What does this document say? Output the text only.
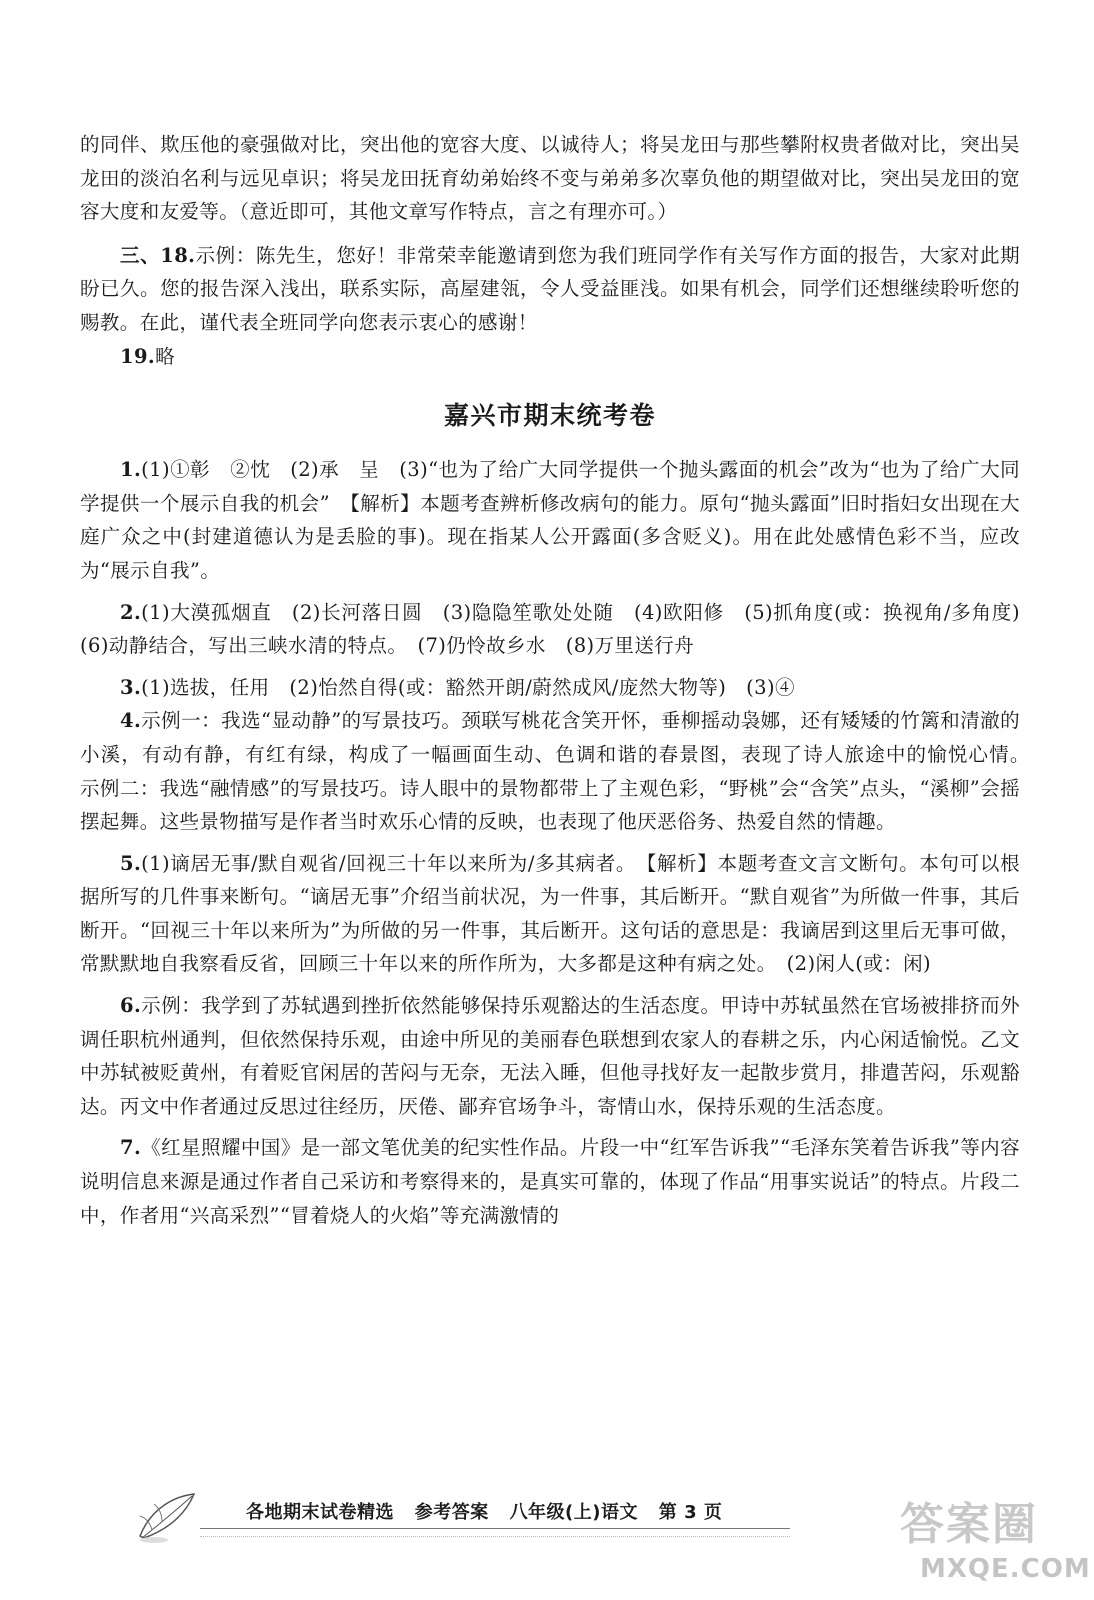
的同伴、欺压他的豪强做对比，突出他的宽容大度、以诚待人；将吴龙田与那些攀附权贵者做对比，突出吴龙田的淡泊名利与远见卓识；将吴龙田抚育幼弟始终不变与弟弟多次辜负他的期望做对比，突出吴龙田的宽容大度和友爱等。（意近即可，其他文章写作特点，言之有理亦可。）

三、18.示例：陈先生，您好！非常荣幸能邀请到您为我们班同学作有关写作方面的报告，大家对此期盼已久。您的报告深入浅出，联系实际，高屋建瓴，令人受益匪浅。如果有机会，同学们还想继续聆听您的赐教。在此，谨代表全班同学向您表示衷心的感谢！

19.略

嘉兴市期末统考卷

1.(1)①彰　②忱　(2)承　呈　(3)“也为了给广大同学提供一个抛头露面的机会”改为“也为了给广大同学提供一个展示自我的机会”　【解析】本题考查辨析修改病句的能力。原句“抛头露面”旧时指妇女出现在大庭广众之中(封建道德认为是丢脸的事)。现在指某人公开露面(多含贬义)。用在此处感情色彩不当，应改为“展示自我”。

2.(1)大漠孤烟直　(2)长河落日圆　(3)隐隐笙歌处处随　(4)欧阳修　(5)抓角度(或：换视角/多角度)　(6)动静结合，写出三峡水清的特点。　(7)仍怜故乡水　(8)万里送行舟

3.(1)选拔，任用　(2)怡然自得(或：豁然开朗/蔚然成风/庞然大物等)　(3)④

4.示例一：我选“显动静”的写景技巧。颈联写桃花含笑开怀，垂柳摇动袅娜，还有矮矮的竹篱和清澈的小溪，有动有静，有红有绿，构成了一幅画面生动、色调和谐的春景图，表现了诗人旅途中的愉悦心情。　示例二：我选“融情感”的写景技巧。诗人眼中的景物都带上了主观色彩，“野桃”会“含笑”点头，“溪柳”会摇摆起舞。这些景物描写是作者当时欢乐心情的反映，也表现了他厌恶俗务、热爱自然的情趣。

5.(1)谪居无事/默自观省/回视三十年以来所为/多其病者。　【解析】本题考查文言文断句。本句可以根据所写的几件事来断句。“谪居无事”介绍当前状况，为一件事，其后断开。“默自观省”为所做一件事，其后断开。“回视三十年以来所为”为所做的另一件事，其后断开。这句话的意思是：我谪居到这里后无事可做，常默默地自我察看反省，回顾三十年以来的所作所为，大多都是这种有病之处。　(2)闲人(或：闲)

6.示例：我学到了苏轼遇到挫折依然能够保持乐观豁达的生活态度。甲诗中苏轼虽然在官场被排挤而外调任职杭州通判，但依然保持乐观，由途中所见的美丽春色联想到农家人的春耕之乐，内心闲适愉悦。乙文中苏轼被贬黄州，有着贬官闲居的苦闷与无奈，无法入睡，但他寻找好友一起散步赏月，排遣苦闷，乐观豁达。丙文中作者通过反思过往经历，厌倦、鄙弃官场争斗，寄情山水，保持乐观的生活态度。

7.《红星照耀中国》是一部文笔优美的纪实性作品。片段一中“红军告诉我”“毛泽东笑着告诉我”等内容说明信息来源是通过作者自己采访和考察得来的，是真实可靠的，体现了作品“用事实说话”的特点。片段二中，作者用“兴高采烈”“冒着烧人的火焰”等充满激情的

各地期末试卷精选 参考答案 八年级(上)语文 第 3 页	答案圈
MXQE.COM
